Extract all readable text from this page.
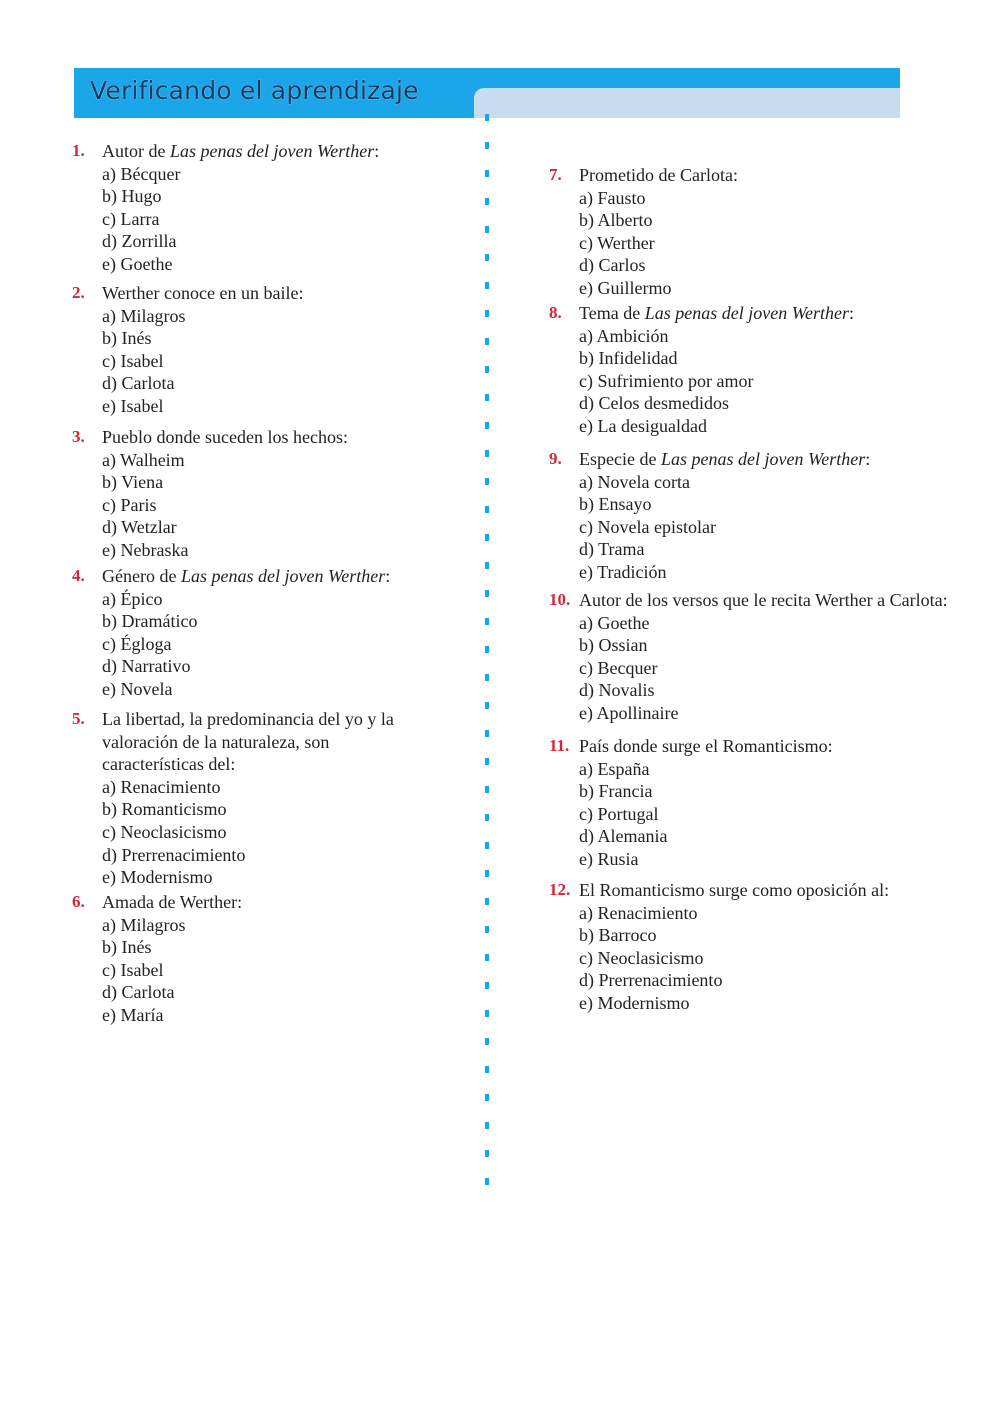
Verificando el aprendizaje
1. Autor de Las penas del joven Werther:
a) Bécquer
b) Hugo
c) Larra
d) Zorrilla
e) Goethe
2. Werther conoce en un baile:
a) Milagros
b) Inés
c) Isabel
d) Carlota
e) Isabel
3. Pueblo donde suceden los hechos:
a) Walheim
b) Viena
c) Paris
d) Wetzlar
e) Nebraska
4. Género de Las penas del joven Werther:
a) Épico
b) Dramático
c) Égloga
d) Narrativo
e) Novela
5. La libertad, la predominancia del yo y la
valoración de la naturaleza, son
características del:
a) Renacimiento
b) Romanticismo
c) Neoclasicismo
d) Prerrenacimiento
e) Modernismo
6. Amada de Werther:
a) Milagros
b) Inés
c) Isabel
d) Carlota
e) María
7. Prometido de Carlota:
a) Fausto
b) Alberto
c) Werther
d) Carlos
e) Guillermo
8. Tema de Las penas del joven Werther:
a) Ambición
b) Infidelidad
c) Sufrimiento por amor
d) Celos desmedidos
e) La desigualdad
9. Especie de Las penas del joven Werther:
a) Novela corta
b) Ensayo
c) Novela epistolar
d) Trama
e) Tradición
10. Autor de los versos que le recita Werther a Carlota:
a) Goethe
b) Ossian
c) Becquer
d) Novalis
e) Apollinaire
11. País donde surge el Romanticismo:
a) España
b) Francia
c) Portugal
d) Alemania
e) Rusia
12. El Romanticismo surge como oposición al:
a) Renacimiento
b) Barroco
c) Neoclasicismo
d) Prerrenacimiento
e) Modernismo
